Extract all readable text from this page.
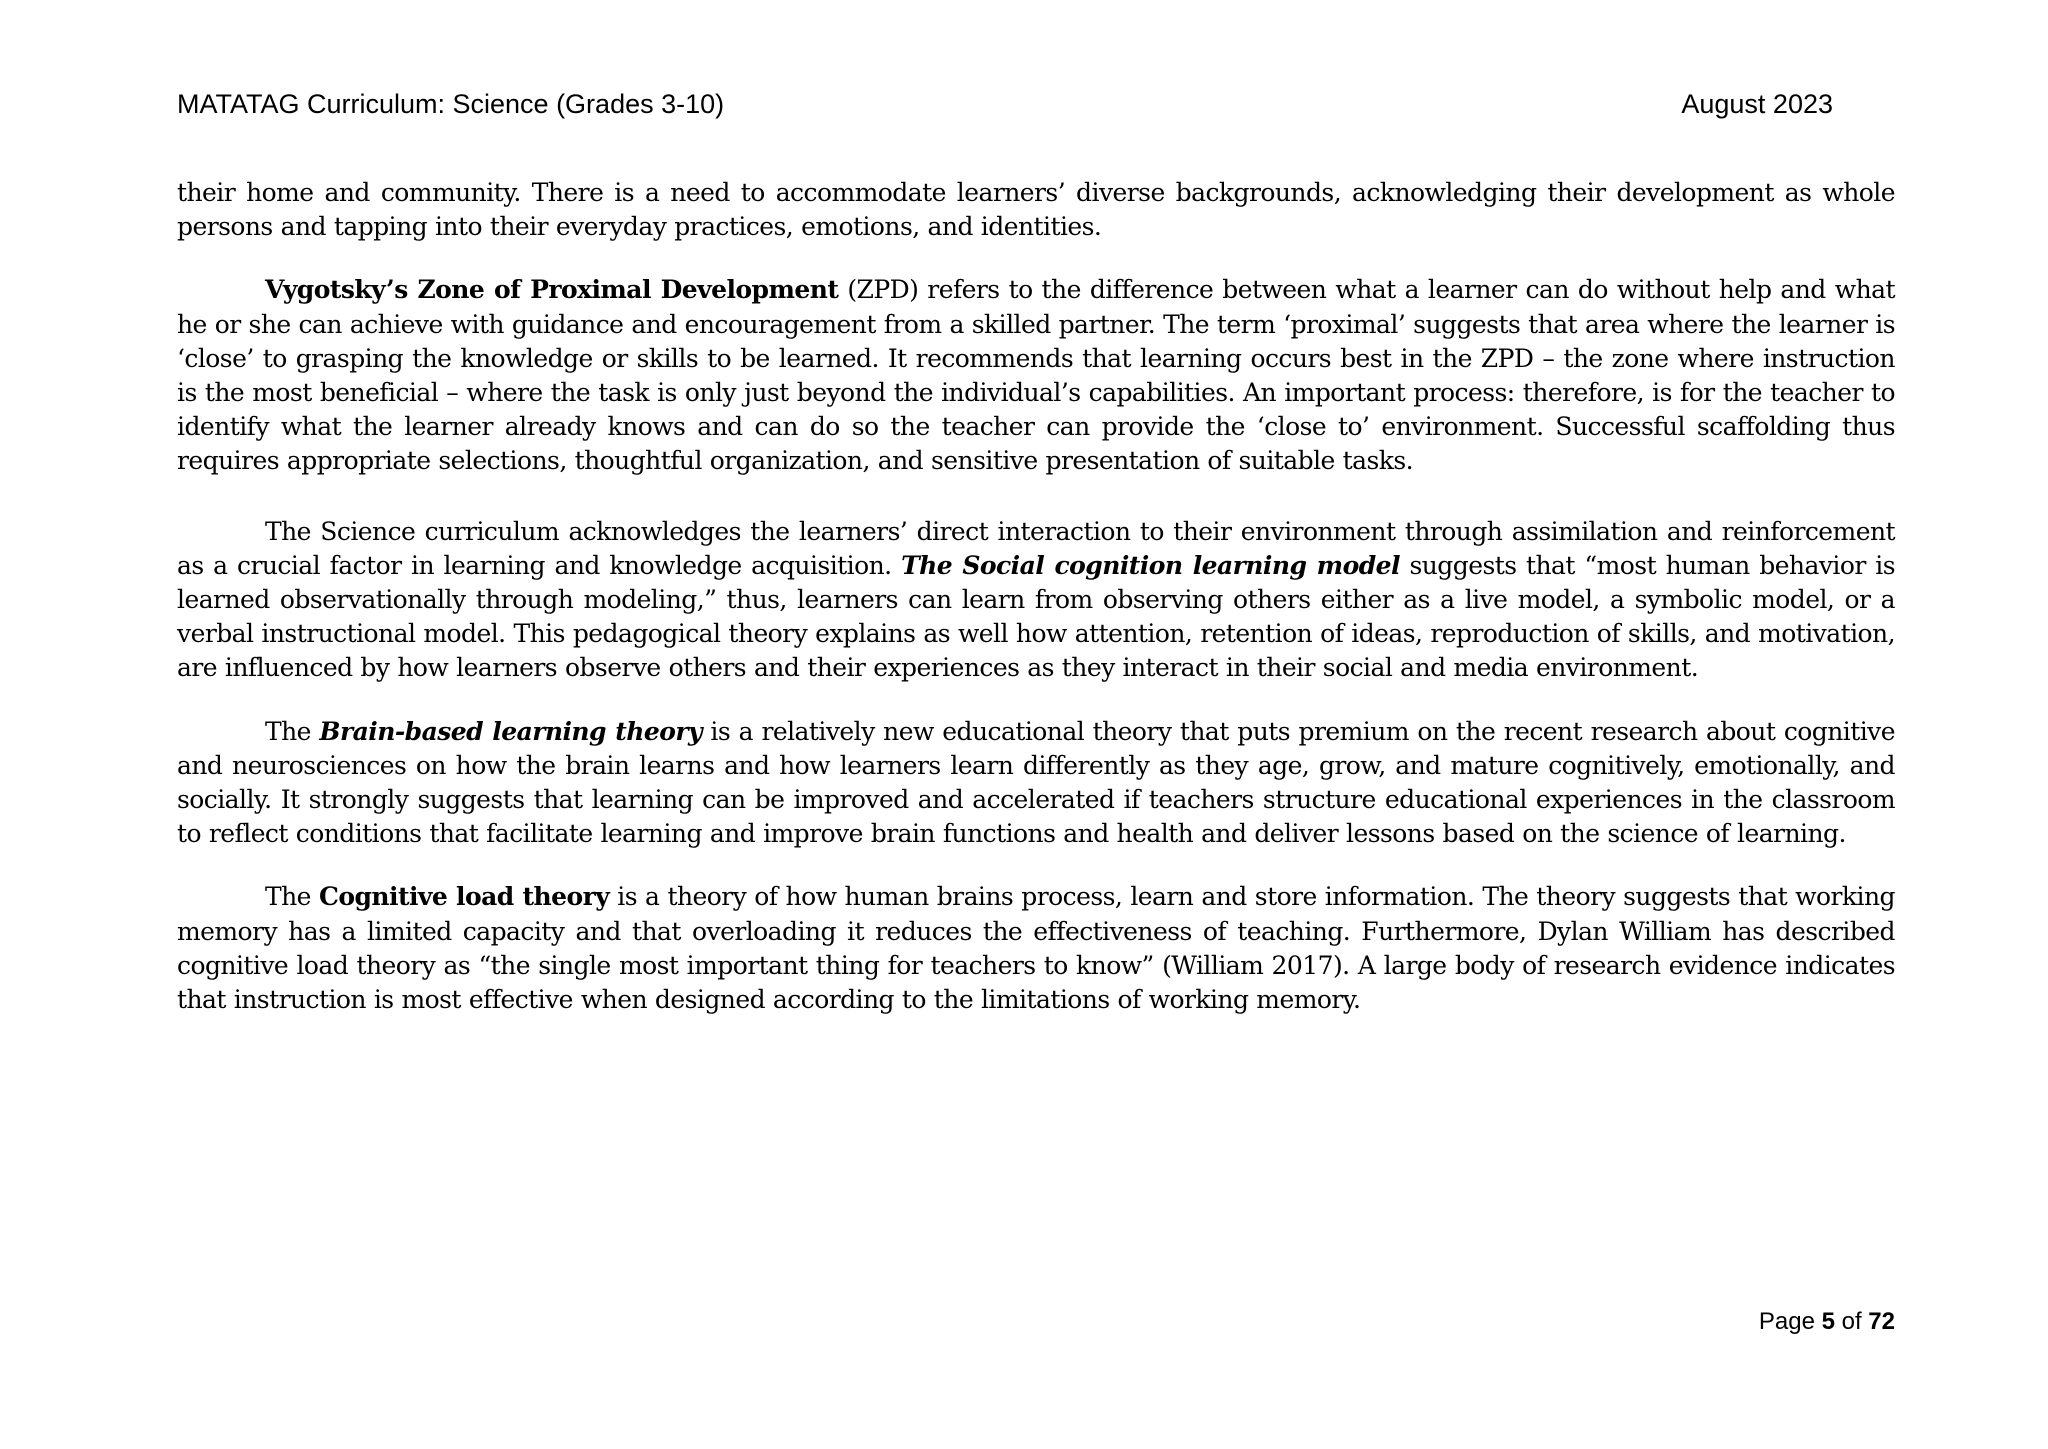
MATATAG Curriculum: Science (Grades 3-10)	August 2023

their home and community. There is a need to accommodate learners’ diverse backgrounds, acknowledging their development as whole persons and tapping into their everyday practices, emotions, and identities.

Vygotsky’s Zone of Proximal Development (ZPD) refers to the difference between what a learner can do without help and what he or she can achieve with guidance and encouragement from a skilled partner. The term ‘proximal’ suggests that area where the learner is ‘close’ to grasping the knowledge or skills to be learned. It recommends that learning occurs best in the ZPD – the zone where instruction is the most beneficial – where the task is only just beyond the individual’s capabilities. An important process: therefore, is for the teacher to identify what the learner already knows and can do so the teacher can provide the ‘close to’ environment. Successful scaffolding thus requires appropriate selections, thoughtful organization, and sensitive presentation of suitable tasks.

The Science curriculum acknowledges the learners’ direct interaction to their environment through assimilation and reinforcement as a crucial factor in learning and knowledge acquisition. The Social cognition learning model suggests that “most human behavior is learned observationally through modeling,” thus, learners can learn from observing others either as a live model, a symbolic model, or a verbal instructional model. This pedagogical theory explains as well how attention, retention of ideas, reproduction of skills, and motivation, are influenced by how learners observe others and their experiences as they interact in their social and media environment.

The Brain-based learning theory is a relatively new educational theory that puts premium on the recent research about cognitive and neurosciences on how the brain learns and how learners learn differently as they age, grow, and mature cognitively, emotionally, and socially. It strongly suggests that learning can be improved and accelerated if teachers structure educational experiences in the classroom to reflect conditions that facilitate learning and improve brain functions and health and deliver lessons based on the science of learning.

The Cognitive load theory is a theory of how human brains process, learn and store information. The theory suggests that working memory has a limited capacity and that overloading it reduces the effectiveness of teaching. Furthermore, Dylan William has described cognitive load theory as “the single most important thing for teachers to know” (William 2017). A large body of research evidence indicates that instruction is most effective when designed according to the limitations of working memory.

Page 5 of 72
